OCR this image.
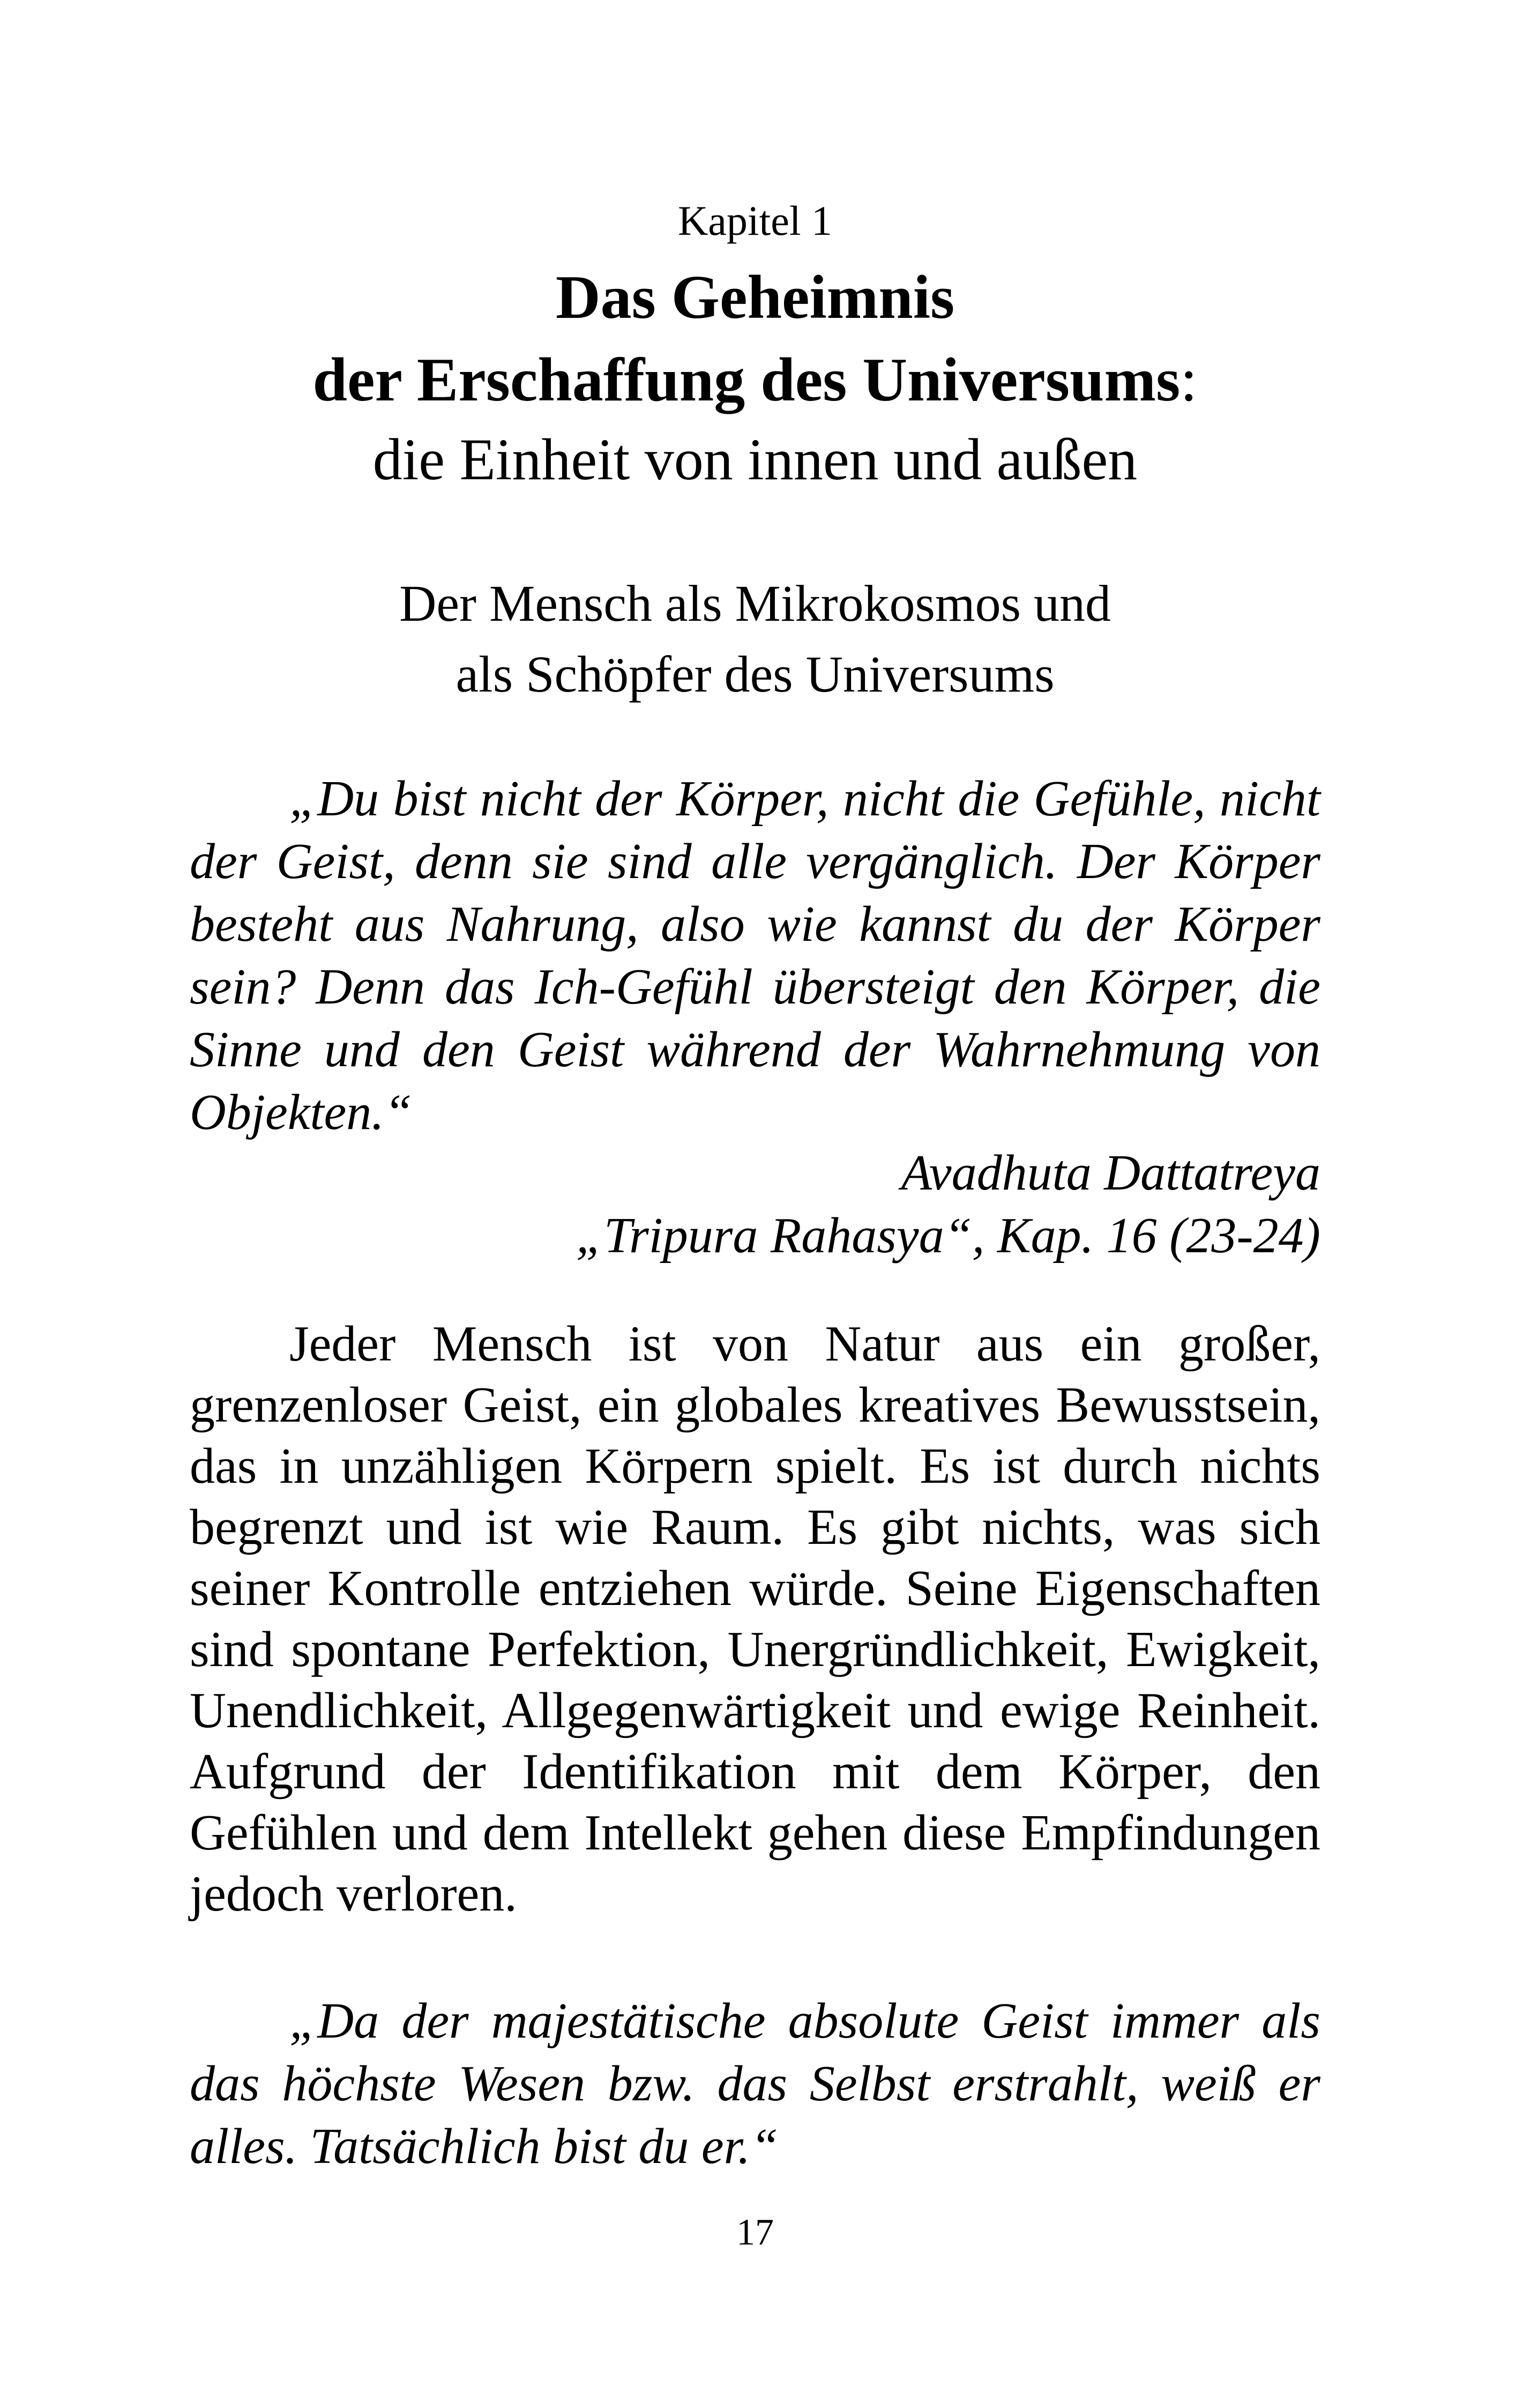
Kapitel 1
Das Geheimnis
der Erschaffung des Universums:
die Einheit von innen und außen
Der Mensch als Mikrokosmos und
als Schöpfer des Universums

„Du bist nicht der Körper, nicht die Gefühle, nicht der Geist, denn sie sind alle vergänglich. Der Körper besteht aus Nahrung, also wie kannst du der Körper sein? Denn das Ich-Gefühl übersteigt den Körper, die Sinne und den Geist während der Wahrnehmung von Objekten.“

Avadhuta Dattatreya
„Tripura Rahasya“, Kap. 16 (23-24)

Jeder Mensch ist von Natur aus ein großer, grenzenloser Geist, ein globales kreatives Bewusstsein, das in unzähligen Körpern spielt. Es ist durch nichts begrenzt und ist wie Raum. Es gibt nichts, was sich seiner Kontrolle entziehen würde. Seine Eigenschaften sind spontane Perfektion, Unergründlichkeit, Ewigkeit, Unendlichkeit, Allgegenwärtigkeit und ewige Reinheit. Aufgrund der Identifikation mit dem Körper, den Gefühlen und dem Intellekt gehen diese Empfindungen jedoch verloren.

„Da der majestätische absolute Geist immer als das höchste Wesen bzw. das Selbst erstrahlt, weiß er alles. Tatsächlich bist du er.“

17
